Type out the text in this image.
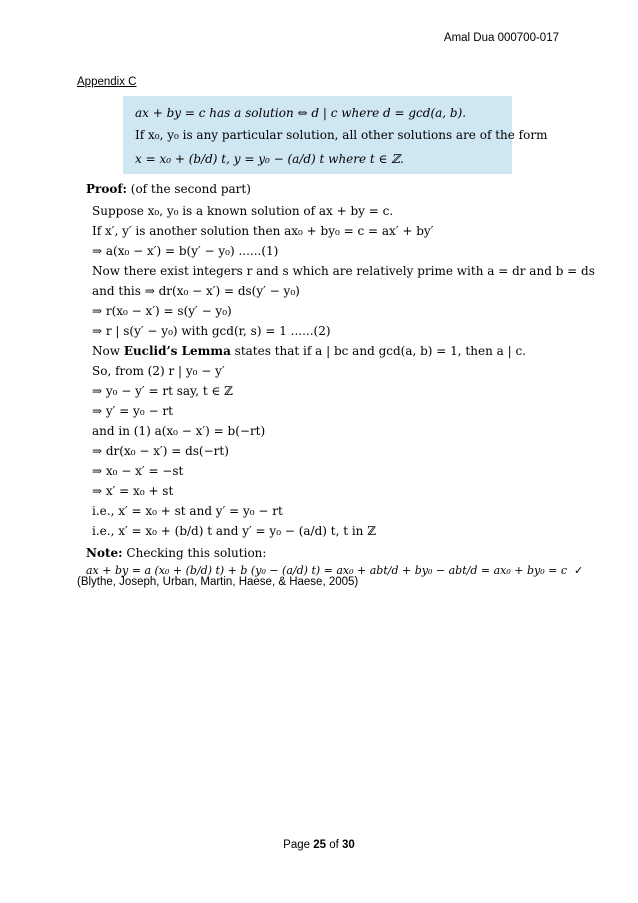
Amal Dua 000700-017
Appendix C
ax + by = c has a solution ⇔ d | c where d = gcd(a, b).
If x₀, y₀ is any particular solution, all other solutions are of the form
x = x₀ + (b/d) t, y = y₀ − (a/d) t where t ∈ ℤ.
Proof: (of the second part)
Suppose x₀, y₀ is a known solution of ax + by = c.
If x′, y′ is another solution then ax₀ + by₀ = c = ax′ + by′
⇒ a(x₀ − x′) = b(y′ − y₀) ......(1)
Now there exist integers r and s which are relatively prime with a = dr and b = ds
and this ⇒ dr(x₀ − x′) = ds(y′ − y₀)
⇒ r(x₀ − x′) = s(y′ − y₀)
⇒ r | s(y′ − y₀) with gcd(r, s) = 1 ......(2)
Now Euclid’s Lemma states that if a | bc and gcd(a, b) = 1, then a | c.
So, from (2) r | y₀ − y′
⇒ y₀ − y′ = rt say, t ∈ ℤ
⇒ y′ = y₀ − rt
and in (1) a(x₀ − x′) = b(−rt)
⇒ dr(x₀ − x′) = ds(−rt)
⇒ x₀ − x′ = −st
⇒ x′ = x₀ + st
i.e., x′ = x₀ + st and y′ = y₀ − rt
i.e., x′ = x₀ + (b/d) t and y′ = y₀ − (a/d) t, t in ℤ
Note: Checking this solution:
ax + by = a (x₀ + (b/d) t) + b (y₀ − (a/d) t) = ax₀ + abt/d + by₀ − abt/d = ax₀ + by₀ = c ✓
(Blythe, Joseph, Urban, Martin, Haese, & Haese, 2005)
Page 25 of 30
